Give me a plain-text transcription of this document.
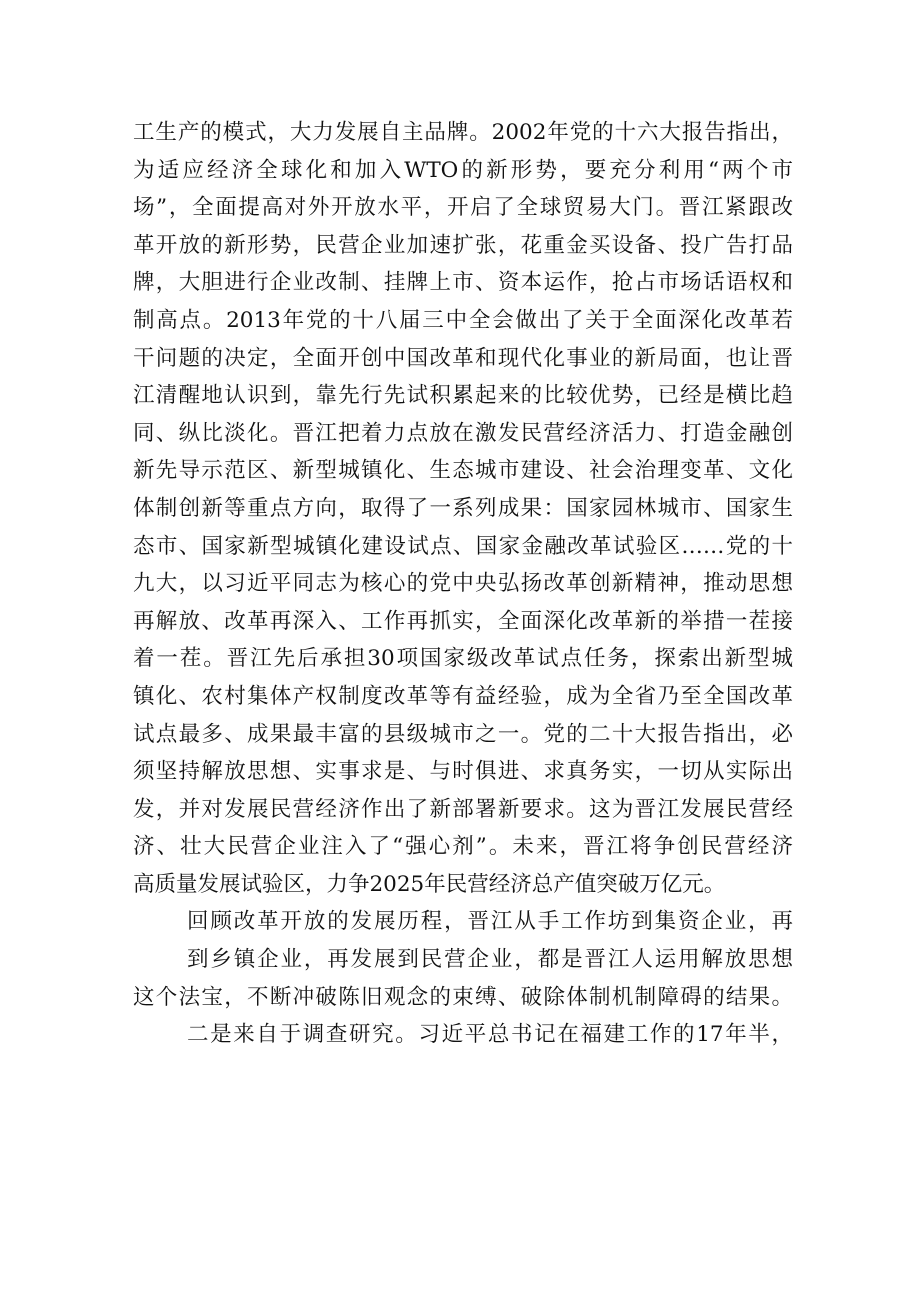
工生产的模式，大力发展自主品牌。2002年党的十六大报告指出，
为适应经济全球化和加入WTO的新形势，要充分利用“两个市
场”，全面提高对外开放水平，开启了全球贸易大门。晋江紧跟改
革开放的新形势，民营企业加速扩张，花重金买设备、投广告打品
牌，大胆进行企业改制、挂牌上市、资本运作，抢占市场话语权和
制高点。2013年党的十八届三中全会做出了关于全面深化改革若
干问题的决定，全面开创中国改革和现代化事业的新局面，也让晋
江清醒地认识到，靠先行先试积累起来的比较优势，已经是横比趋
同、纵比淡化。晋江把着力点放在激发民营经济活力、打造金融创
新先导示范区、新型城镇化、生态城市建设、社会治理变革、文化
体制创新等重点方向，取得了一系列成果：国家园林城市、国家生
态市、国家新型城镇化建设试点、国家金融改革试验区……党的十
九大，以习近平同志为核心的党中央弘扬改革创新精神，推动思想
再解放、改革再深入、工作再抓实，全面深化改革新的举措一茬接
着一茬。晋江先后承担30项国家级改革试点任务，探索出新型城
镇化、农村集体产权制度改革等有益经验，成为全省乃至全国改革
试点最多、成果最丰富的县级城市之一。党的二十大报告指出，必
须坚持解放思想、实事求是、与时俱进、求真务实，一切从实际出
发，并对发展民营经济作出了新部署新要求。这为晋江发展民营经
济、壮大民营企业注入了“强心剂”。未来，晋江将争创民营经济
高质量发展试验区，力争2025年民营经济总产值突破万亿元。
回顾改革开放的发展历程，晋江从手工作坊到集资企业，再
到乡镇企业，再发展到民营企业，都是晋江人运用解放思想
这个法宝，不断冲破陈旧观念的束缚、破除体制机制障碍的结果。
二是来自于调查研究。习近平总书记在福建工作的17年半，
